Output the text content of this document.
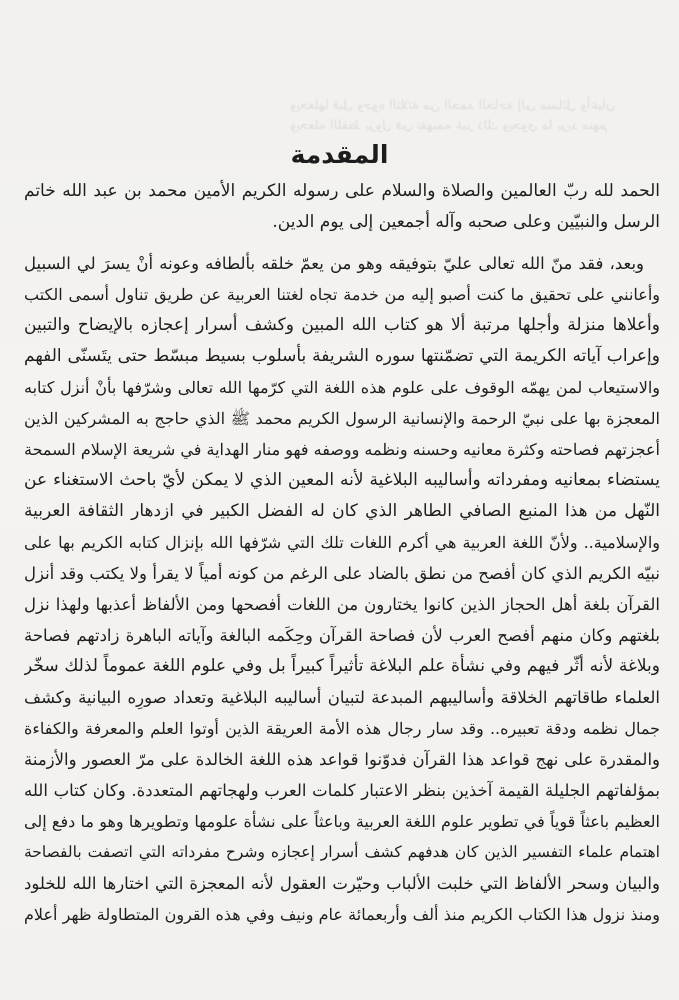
ويجعلها قبل وجوه الثلاثة من الحمد الحاجة إلى مسائل وأعيان
ويجعله اللفظ يزول في تفهيمه غير ذلك ويحوي ما يريد منهم
المقدمة
الحمد لله ربّ العالمين والصلاة والسلام على رسوله الكريم الأمين محمد بن عبد الله خاتم
الرسل والنبيّين وعلى صحبه وآله أجمعين إلى يوم الدين.
وبعد، فقد منّ الله تعالى عليّ بتوفيقه وهو من يعمّ خلقه بألطافه وعونه أنْ يسرَ لي السبيل
وأعانني على تحقيق ما كنت أصبو إليه من خدمة تجاه لغتنا العربية عن طريق تناول أسمى الكتب
وأعلاها منزلة وأجلها مرتبة ألا هو كتاب الله المبين وكشف أسرار إعجازه بالإيضاح والتبين
وإعراب آياته الكريمة التي تضمّنتها سوره الشريفة بأسلوب بسيط مبسّط حتى يتَسنّى الفهم
والاستيعاب لمن يهمّه الوقوف على علوم هذه اللغة التي كرّمها الله تعالى وشرّفها بأنْ أنزل كتابه
المعجزة بها على نبيّ الرحمة والإنسانية الرسول الكريم محمد ﷺ الذي حاجج به المشركين الذين
أعجزتهم فصاحته وكثرة معانيه وحسنه ونظمه ووصفه فهو منار الهداية في شريعة الإسلام السمحة
يستضاء بمعانيه ومفرداته وأساليبه البلاغية لأنه المعين الذي لا يمكن لأيّ باحث الاستغناء عن
النّهل من هذا المنبع الصافي الطاهر الذي كان له الفضل الكبير في ازدهار الثقافة العربية
والإسلامية.. ولأنّ اللغة العربية هي أكرم اللغات تلك التي شرّفها الله بإنزال كتابه الكريم بها على
نبيّه الكريم الذي كان أفصح من نطق بالضاد على الرغم من كونه أمياً لا يقرأ ولا يكتب وقد أنزل
القرآن بلغة أهل الحجاز الذين كانوا يختارون من اللغات أفصحها ومن الألفاظ أعذبها ولهذا نزل
بلغتهم وكان منهم أفصح العرب لأن فصاحة القرآن وحِكَمه البالغة وآياته الباهرة زادتهم فصاحة
وبلاغة لأنه أثّر فيهم وفي نشأة علم البلاغة تأثيراً كبيراً بل وفي علوم اللغة عموماً لذلك سخّر
العلماء طاقاتهم الخلاقة وأساليبهم المبدعة لتبيان أساليبه البلاغية وتعداد صورِه البيانية وكشف
جمال نظمه ودقة تعبيره.. وقد سار رجال هذه الأمة العريقة الذين أوتوا العلم والمعرفة والكفاءة
والمقدرة على نهج قواعد هذا القرآن فدوّنوا قواعد هذه اللغة الخالدة على مرّ العصور والأزمنة
بمؤلفاتهم الجليلة القيمة آخذين بنظر الاعتبار كلمات العرب ولهجاتهم المتعددة. وكان كتاب الله
العظيم باعثاً قوياً في تطوير علوم اللغة العربية وباعثاً على نشأة علومها وتطويرها وهو ما دفع إلى
اهتمام علماء التفسير الذين كان هدفهم كشف أسرار إعجازه وشرح مفرداته التي اتصفت بالفصاحة
والبيان وسحر الألفاظ التي خلبت الألباب وحيّرت العقول لأنه المعجزة التي اختارها الله للخلود
ومنذ نزول هذا الكتاب الكريم منذ ألف وأربعمائة عام ونيف وفي هذه القرون المتطاولة ظهر أعلام
